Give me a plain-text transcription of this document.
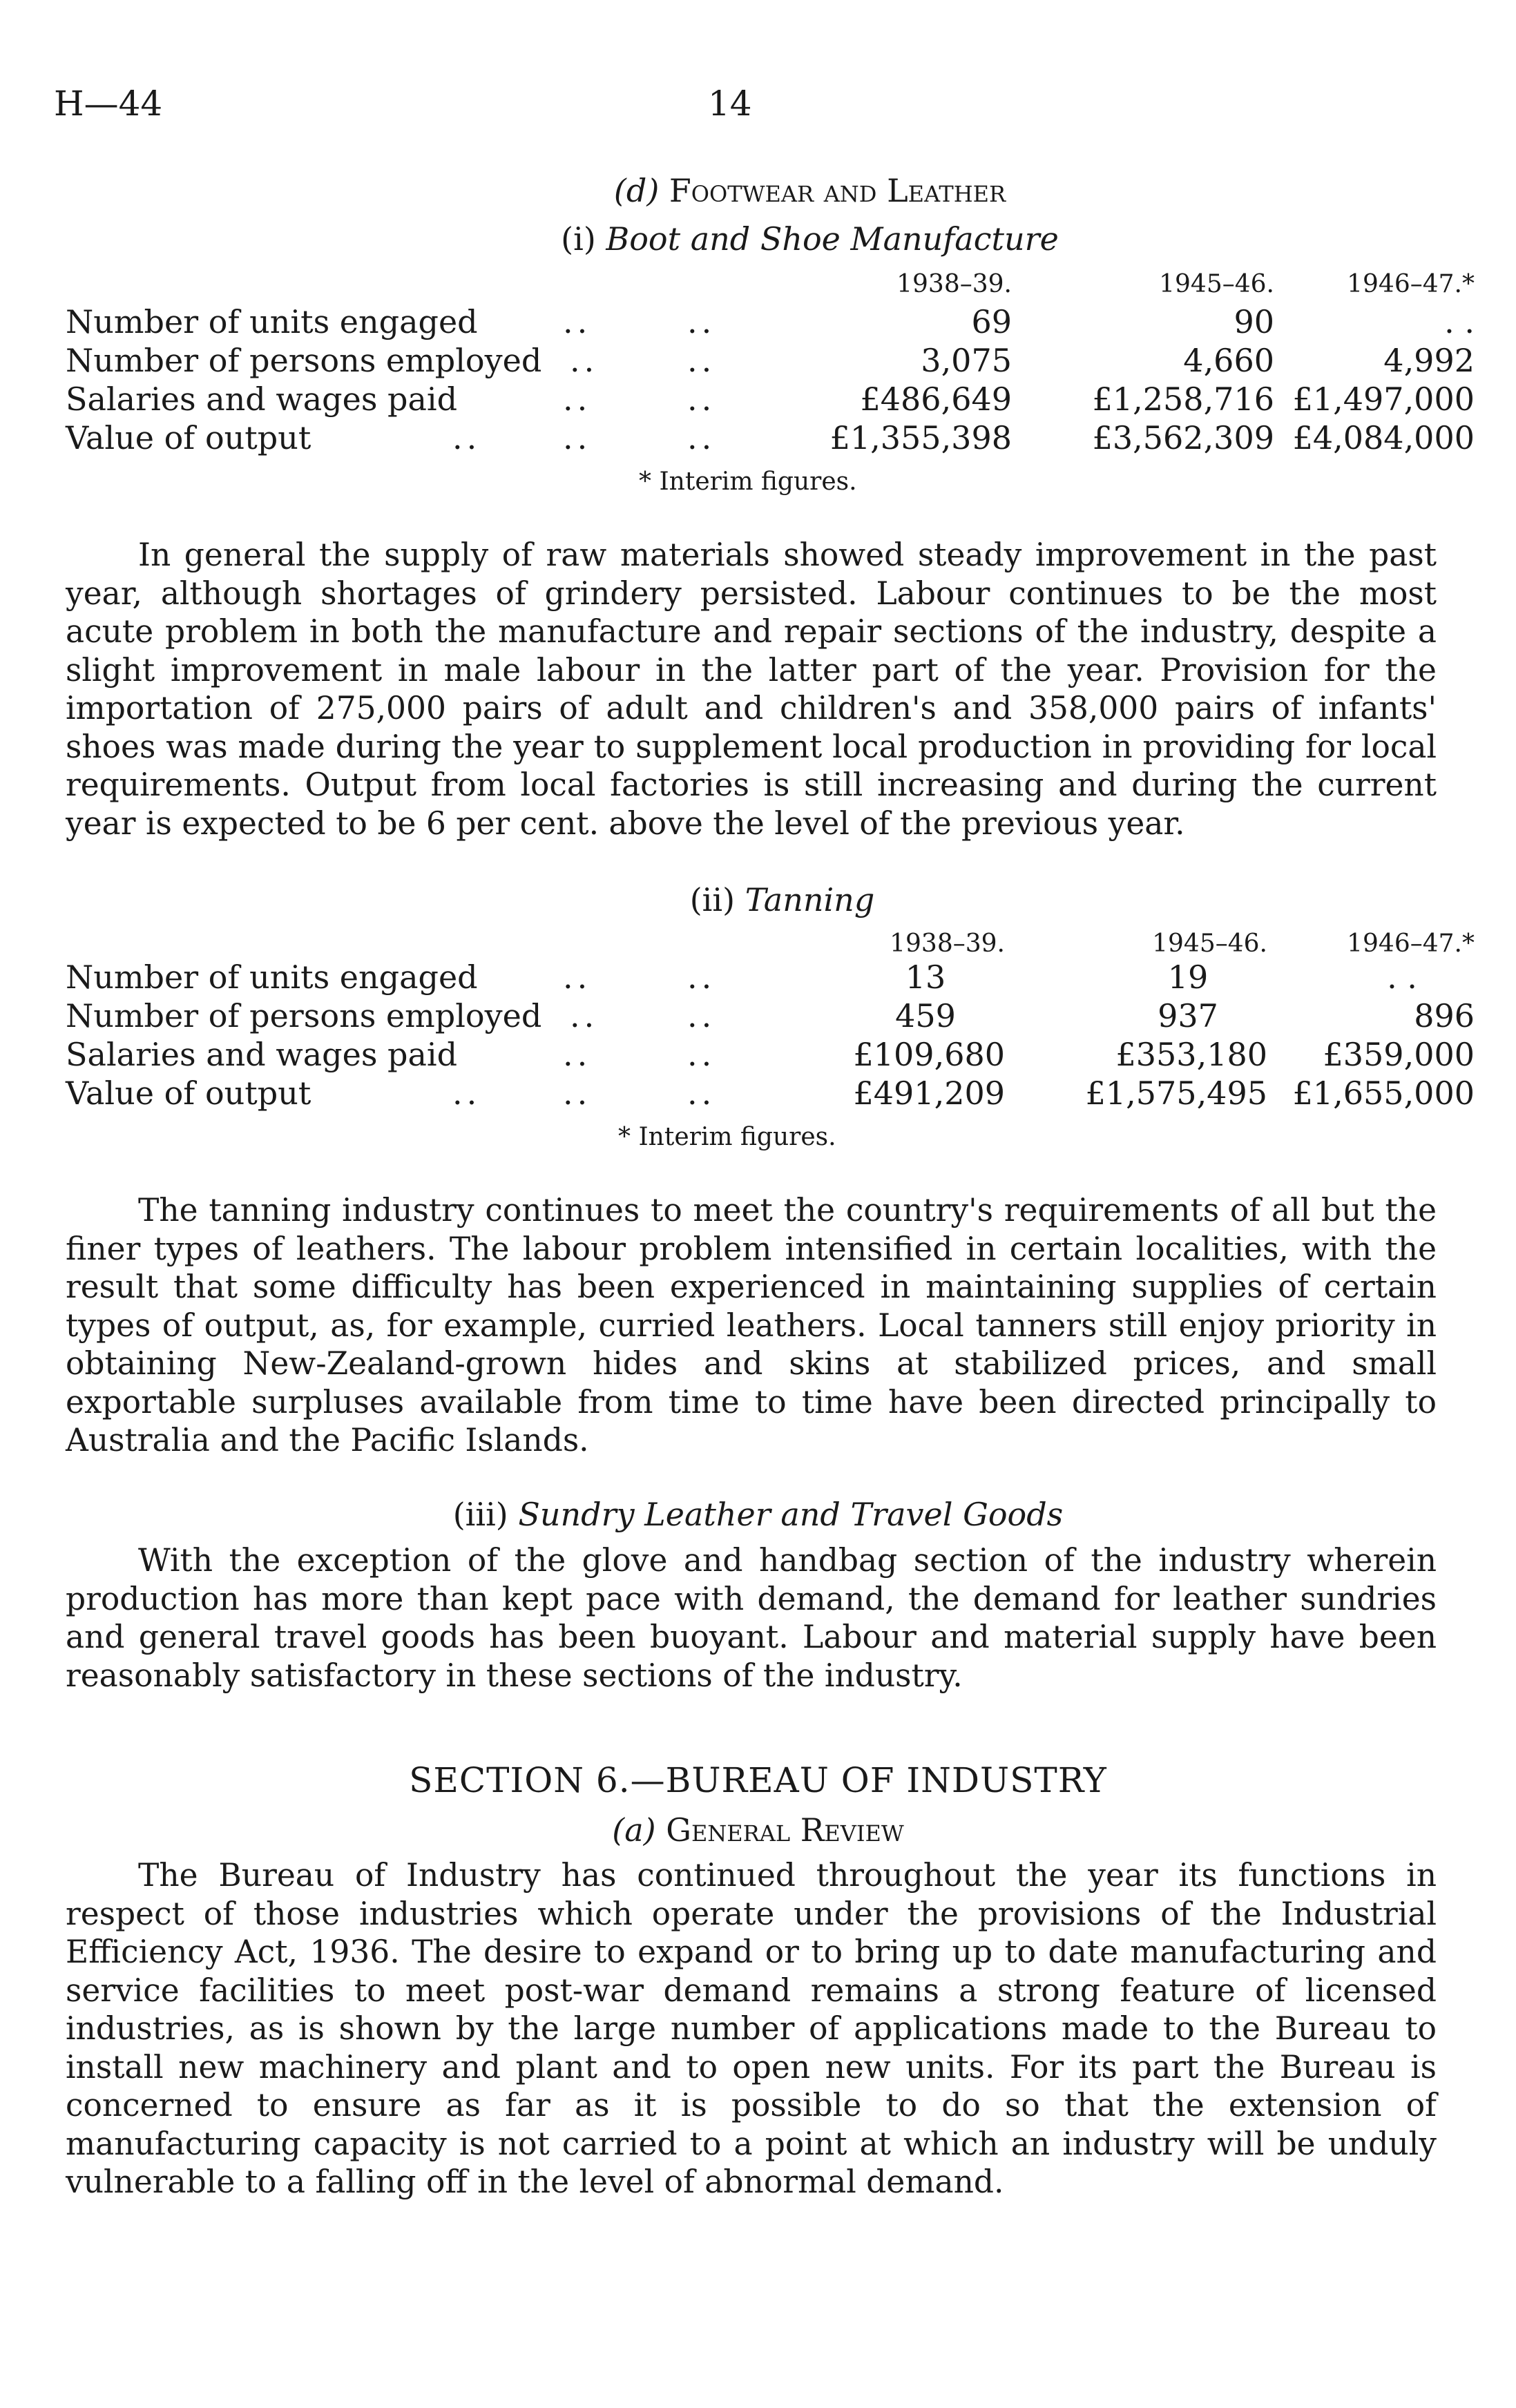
H—44	14
(d) Footwear and Leather
(i) Boot and Shoe Manufacture
1938–39.	1945–46.	1946–47.*
Number of units engaged	..	..	69	90	. .
Number of persons employed ..	..	3,075	4,660	4,992
Salaries and wages paid	..	..	£486,649	£1,258,716 £1,497,000
Value of output	..	..	..	£1,355,398	£3,562,309 £4,084,000
* Interim figures.
In general the supply of raw materials showed steady improvement in the past year, although shortages of grindery persisted. Labour continues to be the most acute problem in both the manufacture and repair sections of the industry, despite a slight improvement in male labour in the latter part of the year. Provision for the importation of 275,000 pairs of adult and children's and 358,000 pairs of infants' shoes was made during the year to supplement local production in providing for local requirements. Output from local factories is still increasing and during the current year is expected to be 6 per cent. above the level of the previous year.
(ii) Tanning
1938–39.	1945–46.	1946–47.*
Number of units engaged	..	..	13	19	. .
Number of persons employed ..	..	459	937	896
Salaries and wages paid	..	..	£109,680	£353,180	£359,000
Value of output	..	..	..	£491,209	£1,575,495 £1,655,000
* Interim figures.
The tanning industry continues to meet the country's requirements of all but the finer types of leathers. The labour problem intensified in certain localities, with the result that some difficulty has been experienced in maintaining supplies of certain types of output, as, for example, curried leathers. Local tanners still enjoy priority in obtaining New-Zealand-grown hides and skins at stabilized prices, and small exportable surpluses available from time to time have been directed principally to Australia and the Pacific Islands.
(iii) Sundry Leather and Travel Goods
With the exception of the glove and handbag section of the industry wherein production has more than kept pace with demand, the demand for leather sundries and general travel goods has been buoyant. Labour and material supply have been reasonably satisfactory in these sections of the industry.
SECTION 6.—BUREAU OF INDUSTRY
(a) General Review
The Bureau of Industry has continued throughout the year its functions in respect of those industries which operate under the provisions of the Industrial Efficiency Act, 1936. The desire to expand or to bring up to date manufacturing and service facilities to meet post-war demand remains a strong feature of licensed industries, as is shown by the large number of applications made to the Bureau to install new machinery and plant and to open new units. For its part the Bureau is concerned to ensure as far as it is possible to do so that the extension of manufacturing capacity is not carried to a point at which an industry will be unduly vulnerable to a falling off in the level of abnormal demand.
